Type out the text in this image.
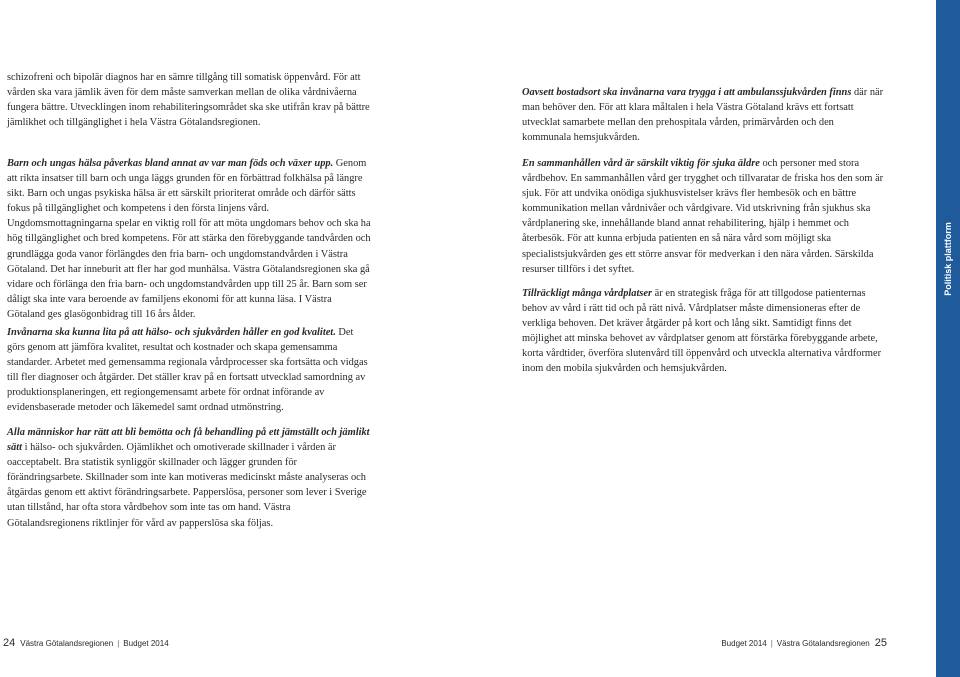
schizofreni och bipolär diagnos har en sämre tillgång till somatisk öppenvård. För att vården ska vara jämlik även för dem måste samverkan mellan de olika vårdnivåerna fungera bättre. Utvecklingen inom rehabiliteringsområdet ska ske utifrån krav på bättre jämlikhet och tillgänglighet i hela Västra Götalandsregionen.

Barn och ungas hälsa påverkas bland annat av var man föds och växer upp. Genom att rikta insatser till barn och unga läggs grunden för en förbättrad folkhälsa på längre sikt. Barn och ungas psykiska hälsa är ett särskilt prioriterat område och därför sätts fokus på tillgänglighet och kompetens i den första linjens vård. Ungdomsmottagningarna spelar en viktig roll för att möta ungdomars behov och ska ha hög tillgänglighet och bred kompetens. För att stärka den förebyggande tandvården och grundlägga goda vanor förlängdes den fria barn- och ungdomstandvården i Västra Götaland. Det har inneburit att fler har god munhälsa. Västra Götalandsregionen ska gå vidare och förlänga den fria barn- och ungdomstandvården upp till 25 år. Barn som ser dåligt ska inte vara beroende av familjens ekonomi för att kunna läsa. I Västra Götaland ges glasögonbidrag till 16 års ålder.

Invånarna ska kunna lita på att hälso- och sjukvården håller en god kvalitet. Det görs genom att jämföra kvalitet, resultat och kostnader och skapa gemensamma standarder. Arbetet med gemensamma regionala vårdprocesser ska fortsätta och vidgas till fler diagnoser och åtgärder. Det ställer krav på en fortsatt utvecklad samordning av produktionsplaneringen, ett regiongemensamt arbete för ordnat införande av evidensbaserade metoder och läkemedel samt ordnad utmönstring.

Alla människor har rätt att bli bemötta och få behandling på ett jämställt och jämlikt sätt i hälso- och sjukvården. Ojämlikhet och omotiverade skillnader i vården är oacceptabelt. Bra statistik synliggör skillnader och lägger grunden för förändringsarbete. Skillnader som inte kan motiveras medicinskt måste analyseras och åtgärdas genom ett aktivt förändringsarbete. Papperslösa, personer som lever i Sverige utan tillstånd, har ofta stora vårdbehov som inte tas om hand. Västra Götalandsregionens riktlinjer för vård av papperslösa ska följas.

Oavsett bostadsort ska invånarna vara trygga i att ambulanssjukvården finns där när man behöver den. För att klara måltalen i hela Västra Götaland krävs ett fortsatt utvecklat samarbete mellan den prehospitala vården, primärvården och den kommunala hemsjukvården.

En sammanhållen vård är särskilt viktig för sjuka äldre och personer med stora vårdbehov. En sammanhållen vård ger trygghet och tillvaratar de friska hos den som är sjuk. För att undvika onödiga sjukhusvistelser krävs fler hembesök och en bättre kommunikation mellan vårdnivåer och vårdgivare. Vid utskrivning från sjukhus ska vårdplanering ske, innehållande bland annat rehabilitering, hjälp i hemmet och återbesök. För att kunna erbjuda patienten en så nära vård som möjligt ska specialistsjukvården ges ett större ansvar för medverkan i den nära vården. Särskilda resurser tillförs i det syftet.

Tillräckligt många vårdplatser är en strategisk fråga för att tillgodose patienternas behov av vård i rätt tid och på rätt nivå. Vårdplatser måste dimensioneras efter de verkliga behoven. Det kräver åtgärder på kort och lång sikt. Samtidigt finns det möjlighet att minska behovet av vårdplatser genom att förstärka förebyggande arbete, korta vårdtider, överföra slutenvård till öppenvård och utveckla alternativa vårdformer inom den mobila sjukvården och hemsjukvården.

24 Västra Götalandsregionen | Budget 2014	Budget 2014 | Västra Götalandsregionen 25
Politisk plattform
